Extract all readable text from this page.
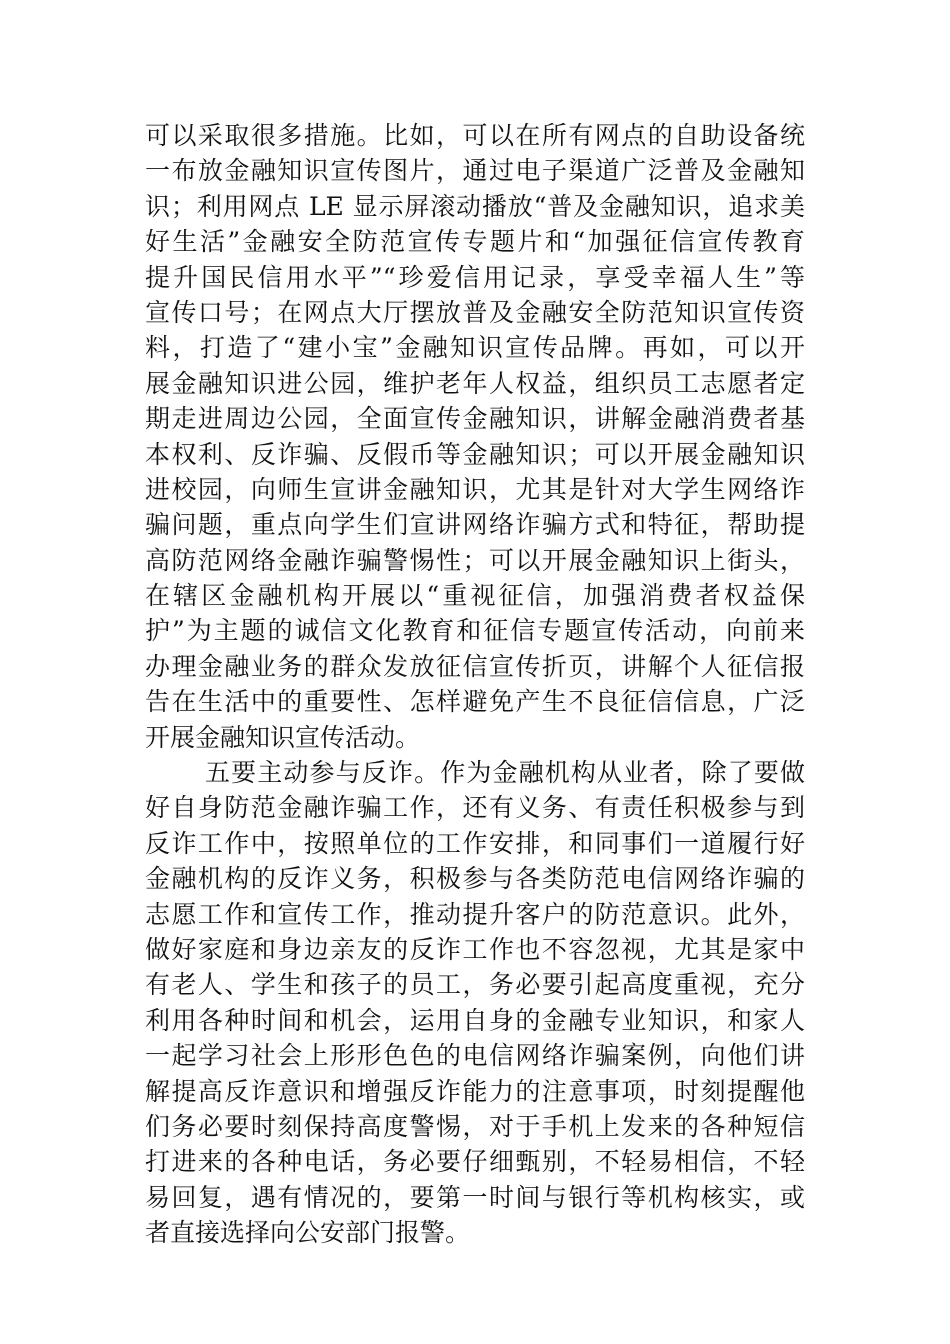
可以采取很多措施。比如，可以在所有网点的自助设备统
一布放金融知识宣传图片，通过电子渠道广泛普及金融知
识；利用网点 LE 显示屏滚动播放“普及金融知识，追求美
好生活”金融安全防范宣传专题片和“加强征信宣传教育
提升国民信用水平”“珍爱信用记录，享受幸福人生”等
宣传口号；在网点大厅摆放普及金融安全防范知识宣传资
料，打造了“建小宝”金融知识宣传品牌。再如，可以开
展金融知识进公园，维护老年人权益，组织员工志愿者定
期走进周边公园，全面宣传金融知识，讲解金融消费者基
本权利、反诈骗、反假币等金融知识；可以开展金融知识
进校园，向师生宣讲金融知识，尤其是针对大学生网络诈
骗问题，重点向学生们宣讲网络诈骗方式和特征，帮助提
高防范网络金融诈骗警惕性；可以开展金融知识上街头，
在辖区金融机构开展以“重视征信，加强消费者权益保
护”为主题的诚信文化教育和征信专题宣传活动，向前来
办理金融业务的群众发放征信宣传折页，讲解个人征信报
告在生活中的重要性、怎样避免产生不良征信信息，广泛
开展金融知识宣传活动。
五要主动参与反诈。作为金融机构从业者，除了要做
好自身防范金融诈骗工作，还有义务、有责任积极参与到
反诈工作中，按照单位的工作安排，和同事们一道履行好
金融机构的反诈义务，积极参与各类防范电信网络诈骗的
志愿工作和宣传工作，推动提升客户的防范意识。此外，
做好家庭和身边亲友的反诈工作也不容忽视，尤其是家中
有老人、学生和孩子的员工，务必要引起高度重视，充分
利用各种时间和机会，运用自身的金融专业知识，和家人
一起学习社会上形形色色的电信网络诈骗案例，向他们讲
解提高反诈意识和增强反诈能力的注意事项，时刻提醒他
们务必要时刻保持高度警惕，对于手机上发来的各种短信
打进来的各种电话，务必要仔细甄别，不轻易相信，不轻
易回复，遇有情况的，要第一时间与银行等机构核实，或
者直接选择向公安部门报警。
